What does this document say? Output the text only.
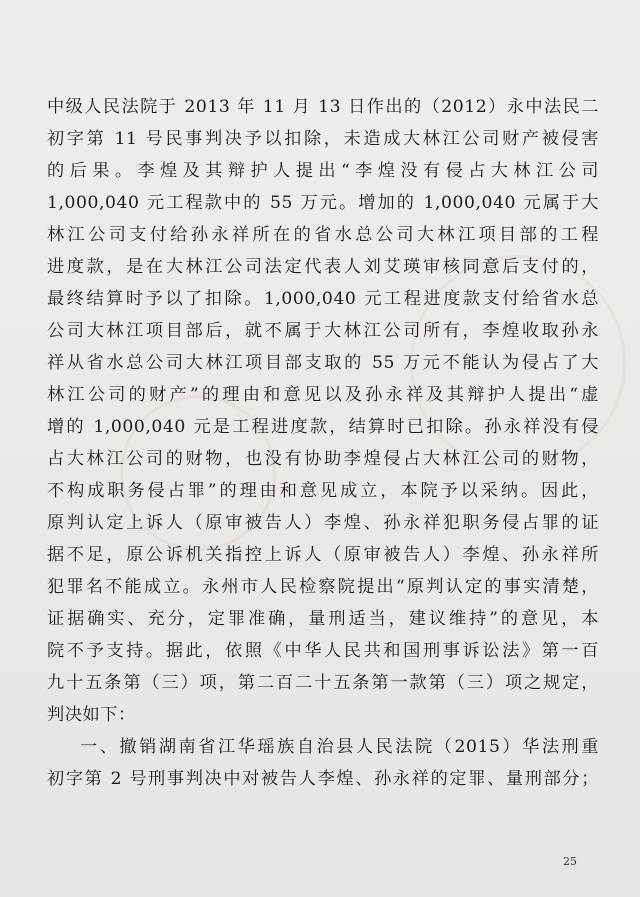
中级人民法院于 2013 年 11 月 13 日作出的（2012）永中法民二
初字第 11 号民事判决予以扣除，未造成大林江公司财产被侵害
的后果。李煌及其辩护人提出“李煌没有侵占大林江公司
1,000,040 元工程款中的 55 万元。增加的 1,000,040 元属于大
林江公司支付给孙永祥所在的省水总公司大林江项目部的工程
进度款，是在大林江公司法定代表人刘艾瑛审核同意后支付的，
最终结算时予以了扣除。1,000,040 元工程进度款支付给省水总
公司大林江项目部后，就不属于大林江公司所有，李煌收取孙永
祥从省水总公司大林江项目部支取的 55 万元不能认为侵占了大
林江公司的财产”的理由和意见以及孙永祥及其辩护人提出“虚
增的 1,000,040 元是工程进度款，结算时已扣除。孙永祥没有侵
占大林江公司的财物，也没有协助李煌侵占大林江公司的财物，
不构成职务侵占罪”的理由和意见成立，本院予以采纳。因此，
原判认定上诉人（原审被告人）李煌、孙永祥犯职务侵占罪的证
据不足，原公诉机关指控上诉人（原审被告人）李煌、孙永祥所
犯罪名不能成立。永州市人民检察院提出“原判认定的事实清楚，
证据确实、充分，定罪准确，量刑适当，建议维持”的意见，本
院不予支持。据此，依照《中华人民共和国刑事诉讼法》第一百
九十五条第（三）项，第二百二十五条第一款第（三）项之规定，
判决如下：
一、撤销湖南省江华瑶族自治县人民法院（2015）华法刑重
初字第 2 号刑事判决中对被告人李煌、孙永祥的定罪、量刑部分；
25
